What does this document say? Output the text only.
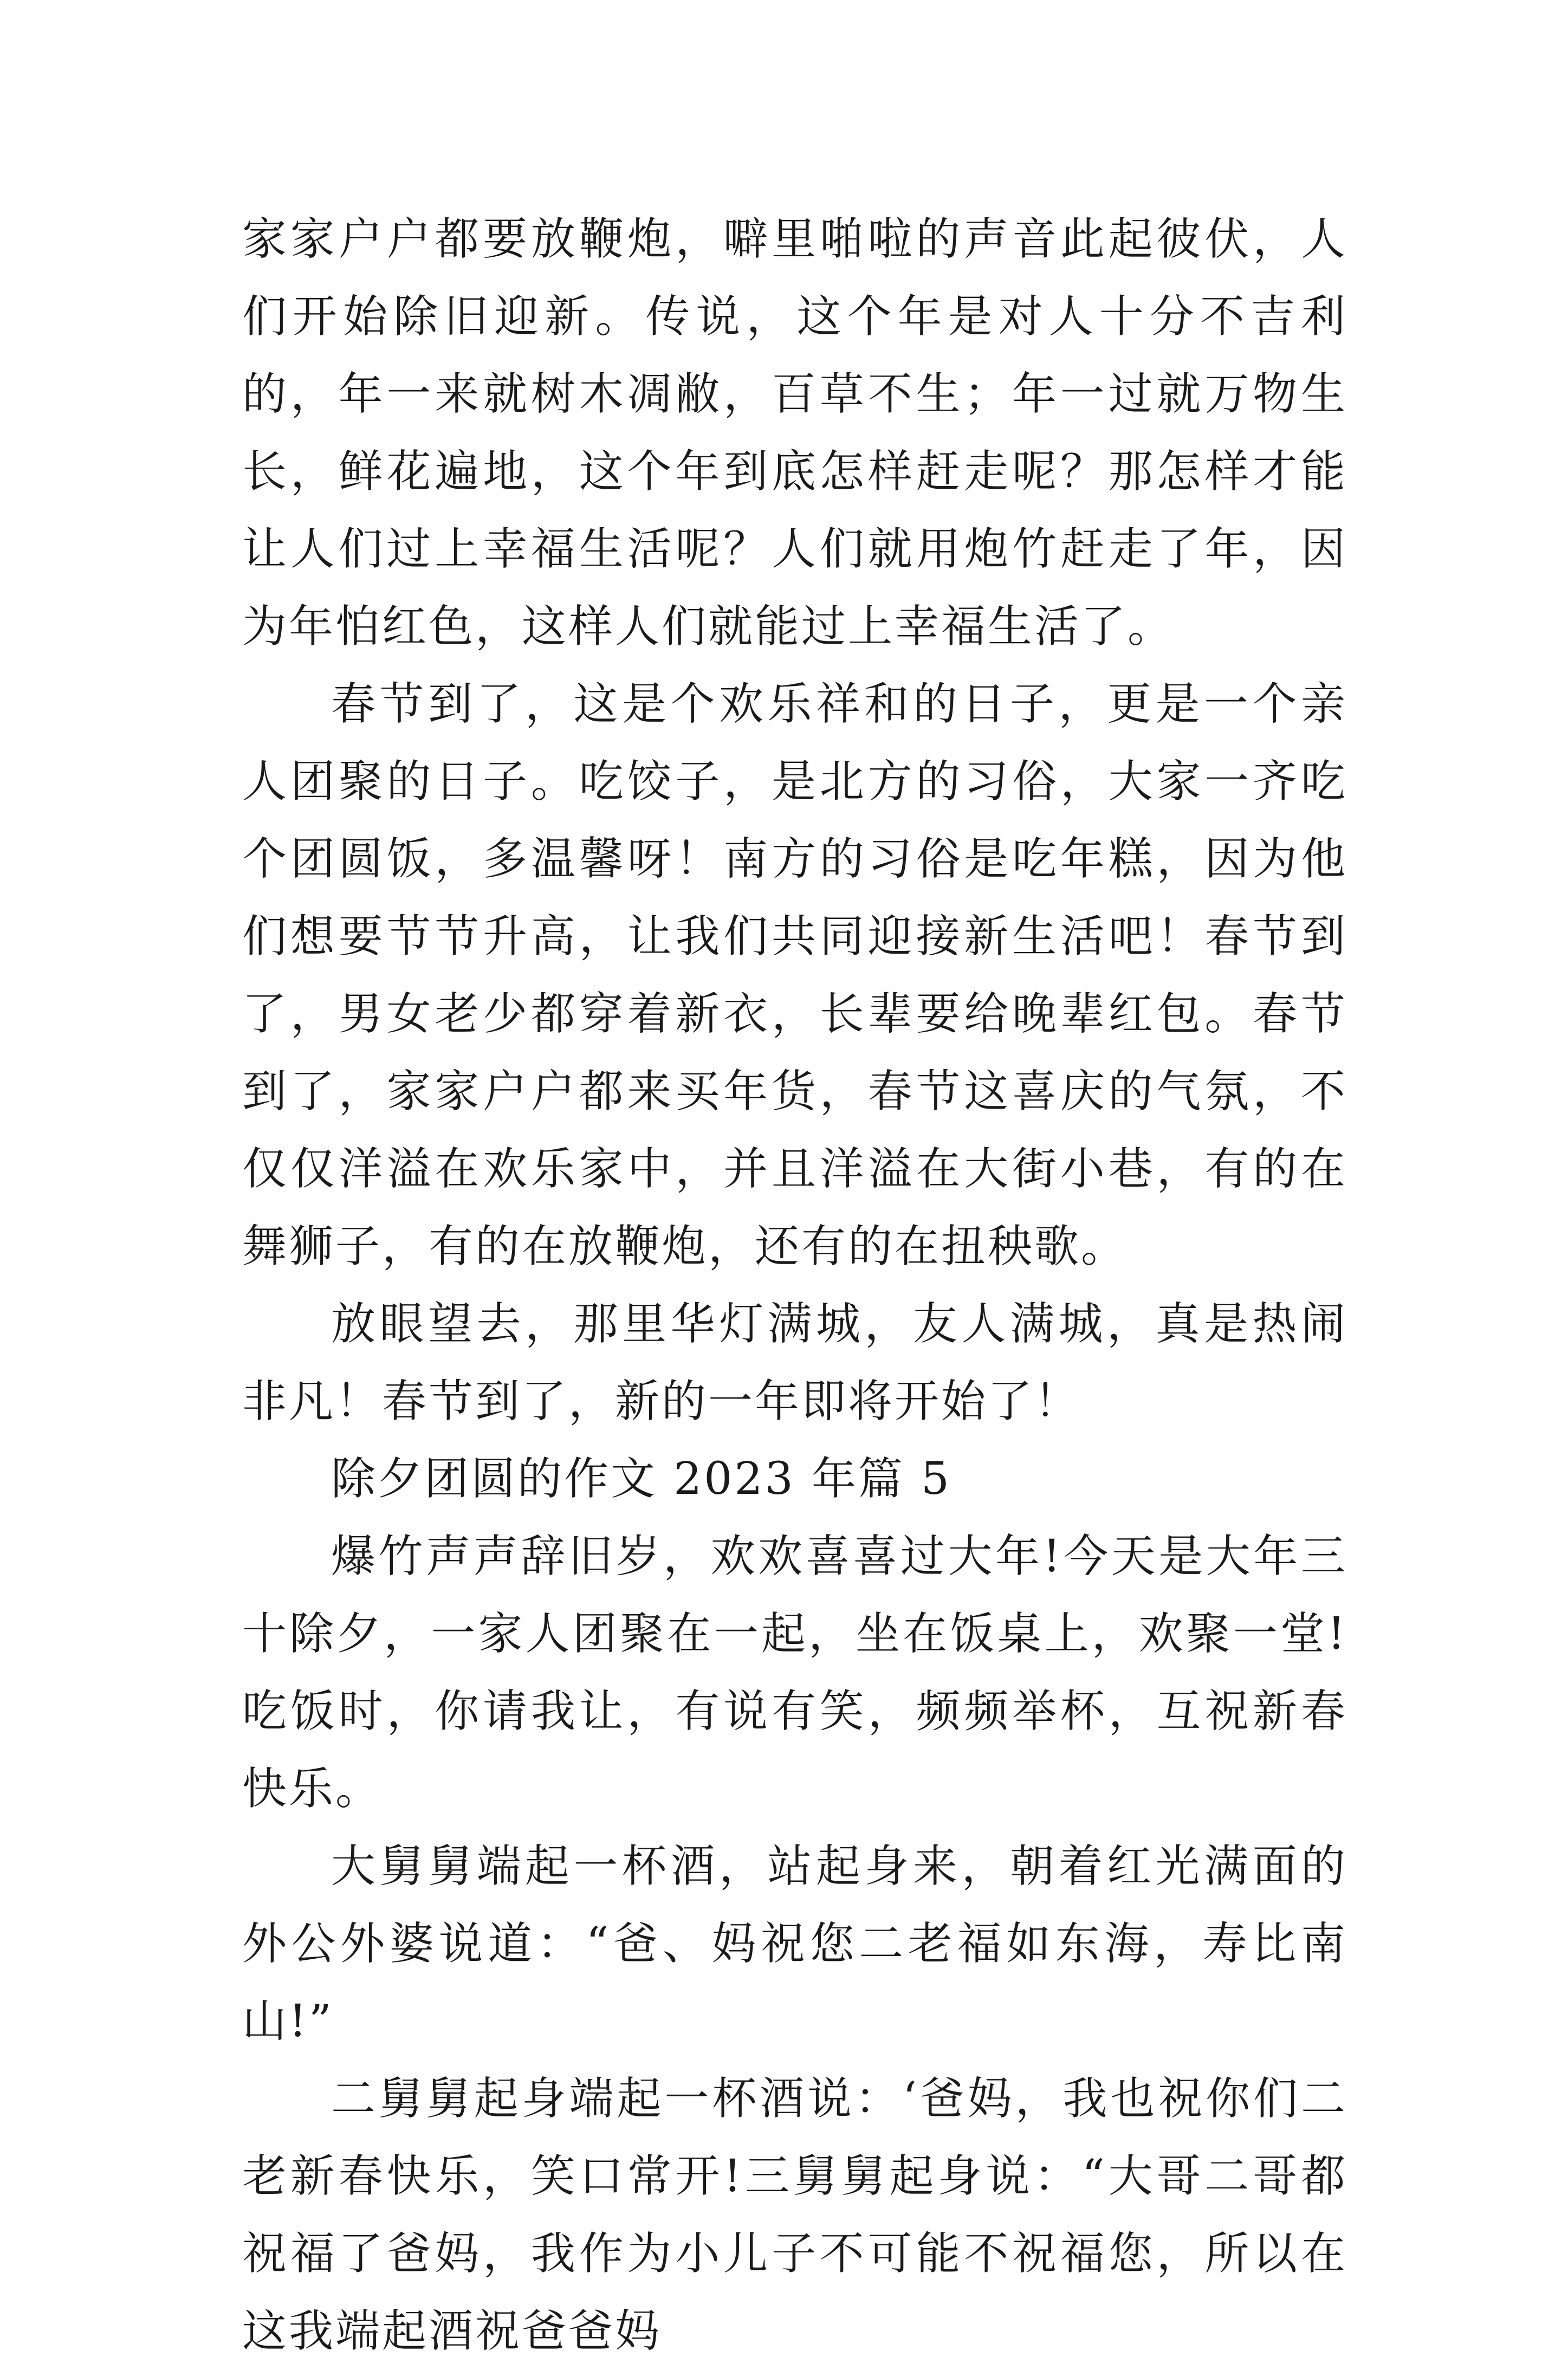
家家户户都要放鞭炮，噼里啪啦的声音此起彼伏，人们开始除旧迎新。传说，这个年是对人十分不吉利的，年一来就树木凋敝，百草不生；年一过就万物生长，鲜花遍地，这个年到底怎样赶走呢？那怎样才能让人们过上幸福生活呢？人们就用炮竹赶走了年，因为年怕红色，这样人们就能过上幸福生活了。

春节到了，这是个欢乐祥和的日子，更是一个亲人团聚的日子。吃饺子，是北方的习俗，大家一齐吃个团圆饭，多温馨呀！南方的习俗是吃年糕，因为他们想要节节升高，让我们共同迎接新生活吧！春节到了，男女老少都穿着新衣，长辈要给晚辈红包。春节到了，家家户户都来买年货，春节这喜庆的气氛，不仅仅洋溢在欢乐家中，并且洋溢在大街小巷，有的在舞狮子，有的在放鞭炮，还有的在扭秧歌。

放眼望去，那里华灯满城，友人满城，真是热闹非凡！春节到了，新的一年即将开始了！

除夕团圆的作文 2023 年篇 5

爆竹声声辞旧岁，欢欢喜喜过大年!今天是大年三十除夕，一家人团聚在一起，坐在饭桌上，欢聚一堂!吃饭时，你请我让，有说有笑，频频举杯，互祝新春快乐。

大舅舅端起一杯酒，站起身来，朝着红光满面的外公外婆说道：“爸、妈祝您二老福如东海，寿比南山!”

二舅舅起身端起一杯酒说：‘爸妈，我也祝你们二老新春快乐，笑口常开!三舅舅起身说：“大哥二哥都祝福了爸妈，我作为小儿子不可能不祝福您，所以在这我端起酒祝爸爸妈
